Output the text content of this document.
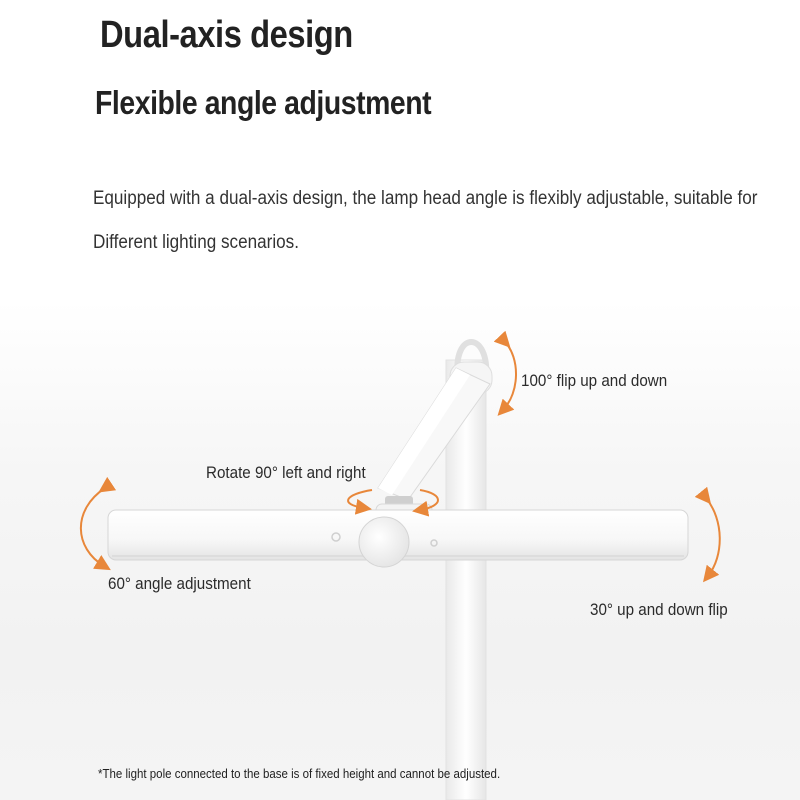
Dual-axis design
Flexible angle adjustment
Equipped with a dual-axis design, the lamp head angle is flexibly adjustable, suitable for
Different lighting scenarios.
100° flip up and down
Rotate 90° left and right
60° angle adjustment
30° up and down flip
*The light pole connected to the base is of fixed height and cannot be adjusted.
